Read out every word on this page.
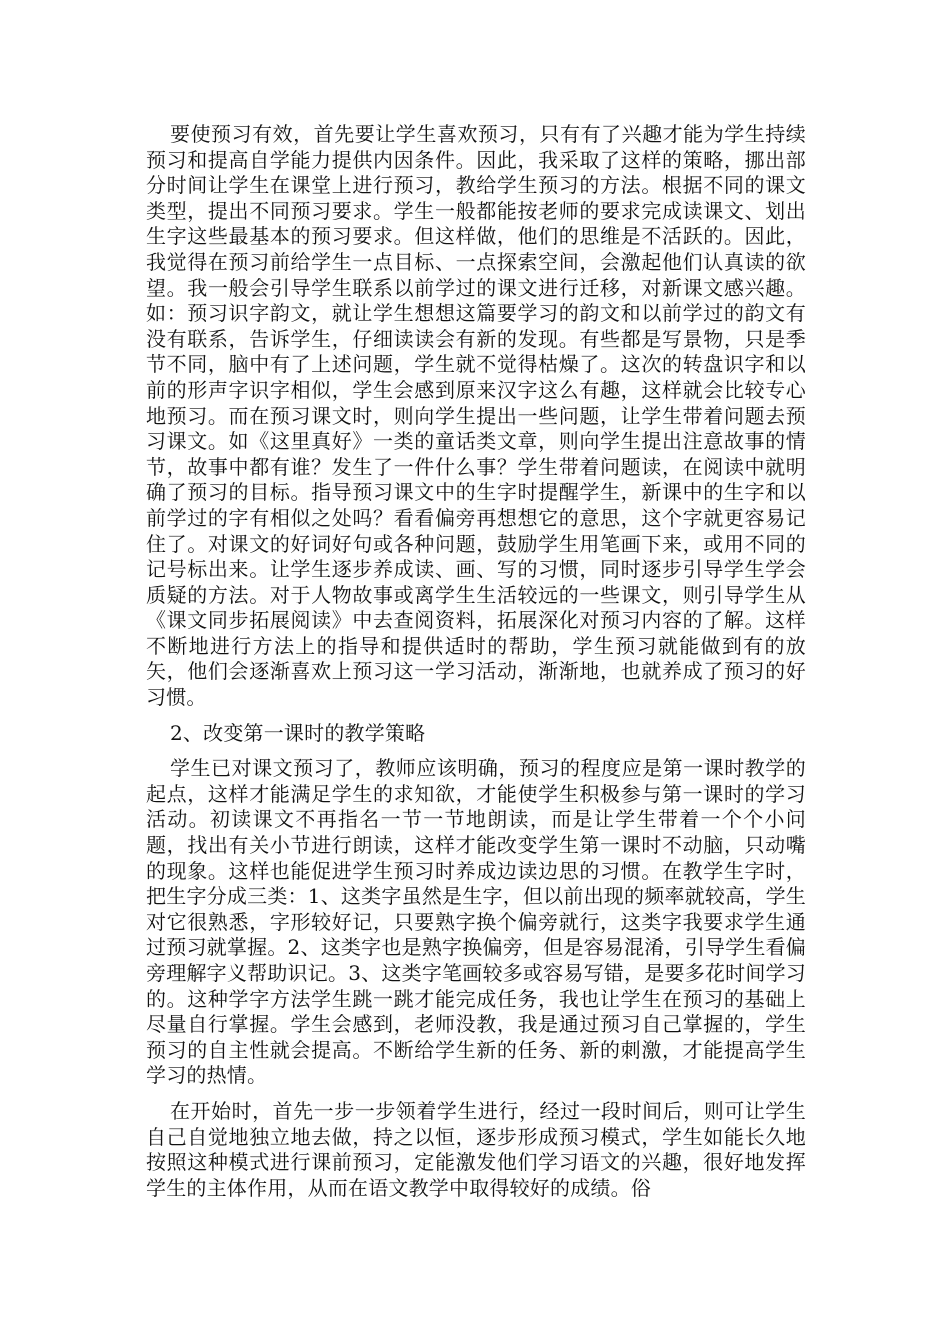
要使预习有效，首先要让学生喜欢预习，只有有了兴趣才能为学生持续预习和提高自学能力提供内因条件。因此，我采取了这样的策略，挪出部分时间让学生在课堂上进行预习，教给学生预习的方法。根据不同的课文类型，提出不同预习要求。学生一般都能按老师的要求完成读课文、划出生字这些最基本的预习要求。但这样做，他们的思维是不活跃的。因此，我觉得在预习前给学生一点目标、一点探索空间，会激起他们认真读的欲望。我一般会引导学生联系以前学过的课文进行迁移，对新课文感兴趣。如：预习识字韵文，就让学生想想这篇要学习的韵文和以前学过的韵文有没有联系，告诉学生，仔细读读会有新的发现。有些都是写景物，只是季节不同，脑中有了上述问题，学生就不觉得枯燥了。这次的转盘识字和以前的形声字识字相似，学生会感到原来汉字这么有趣，这样就会比较专心地预习。而在预习课文时，则向学生提出一些问题，让学生带着问题去预习课文。如《这里真好》一类的童话类文章，则向学生提出注意故事的情节，故事中都有谁？发生了一件什么事？学生带着问题读，在阅读中就明确了预习的目标。指导预习课文中的生字时提醒学生，新课中的生字和以前学过的字有相似之处吗？看看偏旁再想想它的意思，这个字就更容易记住了。对课文的好词好句或各种问题，鼓励学生用笔画下来，或用不同的记号标出来。让学生逐步养成读、画、写的习惯，同时逐步引导学生学会质疑的方法。对于人物故事或离学生生活较远的一些课文，则引导学生从《课文同步拓展阅读》中去查阅资料，拓展深化对预习内容的了解。这样不断地进行方法上的指导和提供适时的帮助，学生预习就能做到有的放矢，他们会逐渐喜欢上预习这一学习活动，渐渐地，也就养成了预习的好习惯。

2、改变第一课时的教学策略

学生已对课文预习了，教师应该明确，预习的程度应是第一课时教学的起点，这样才能满足学生的求知欲，才能使学生积极参与第一课时的学习活动。初读课文不再指名一节一节地朗读，而是让学生带着一个个小问题，找出有关小节进行朗读，这样才能改变学生第一课时不动脑，只动嘴的现象。这样也能促进学生预习时养成边读边思的习惯。在教学生字时，把生字分成三类：1、这类字虽然是生字，但以前出现的频率就较高，学生对它很熟悉，字形较好记，只要熟字换个偏旁就行，这类字我要求学生通过预习就掌握。2、这类字也是熟字换偏旁，但是容易混淆，引导学生看偏旁理解字义帮助识记。3、这类字笔画较多或容易写错，是要多花时间学习的。这种学字方法学生跳一跳才能完成任务，我也让学生在预习的基础上尽量自行掌握。学生会感到，老师没教，我是通过预习自己掌握的，学生预习的自主性就会提高。不断给学生新的任务、新的刺激，才能提高学生学习的热情。

在开始时，首先一步一步领着学生进行，经过一段时间后，则可让学生自己自觉地独立地去做，持之以恒，逐步形成预习模式，学生如能长久地按照这种模式进行课前预习，定能激发他们学习语文的兴趣，很好地发挥学生的主体作用，从而在语文教学中取得较好的成绩。俗
